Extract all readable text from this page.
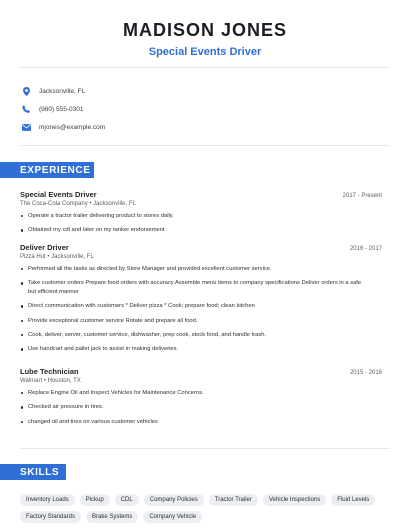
MADISON JONES
Special Events Driver
Jacksonville, FL
(960) 555-0301
mjones@example.com
EXPERIENCE
Special Events Driver	2017 - Present
The Coca-Cola Company • Jacksonville, FL
Operate a tractor trailer delivering product to stores daily.
Obtained my cdl and later on my tanker endorsement
Deliver Driver	2016 - 2017
Pizza Hut • Jacksonville, FL
Performed all the tasks as directed by Store Manager and provided excellent customer service.
Take customer orders Prepare food orders with accuracy Assemble menu items to company specifications Deliver orders in a safe but efficient manner
Direct communication with customers * Deliver pizza * Cook; prepare food; clean kitchen
Provide exceptional customer service Rotate and prepare all food.
Cook, deliver, server, customer service, dishwasher, prep cook, stock food, and handle trash.
Use handcart and pallet jack to assist in making deliveries.
Lube Technician	2015 - 2016
Walmart • Houston, TX
Replace Engine Oil and Inspect Vehicles for Maintenance Concerns.
Checked air pressure in tires.
changed oil and tires on various customer vehicles
SKILLS
Inventory Loads	Pickup	CDL	Company Policies	Tractor Trailer	Vehicle Inspections	Fluid Levels
Factory Standards	Brake Systems	Company Vehicle
